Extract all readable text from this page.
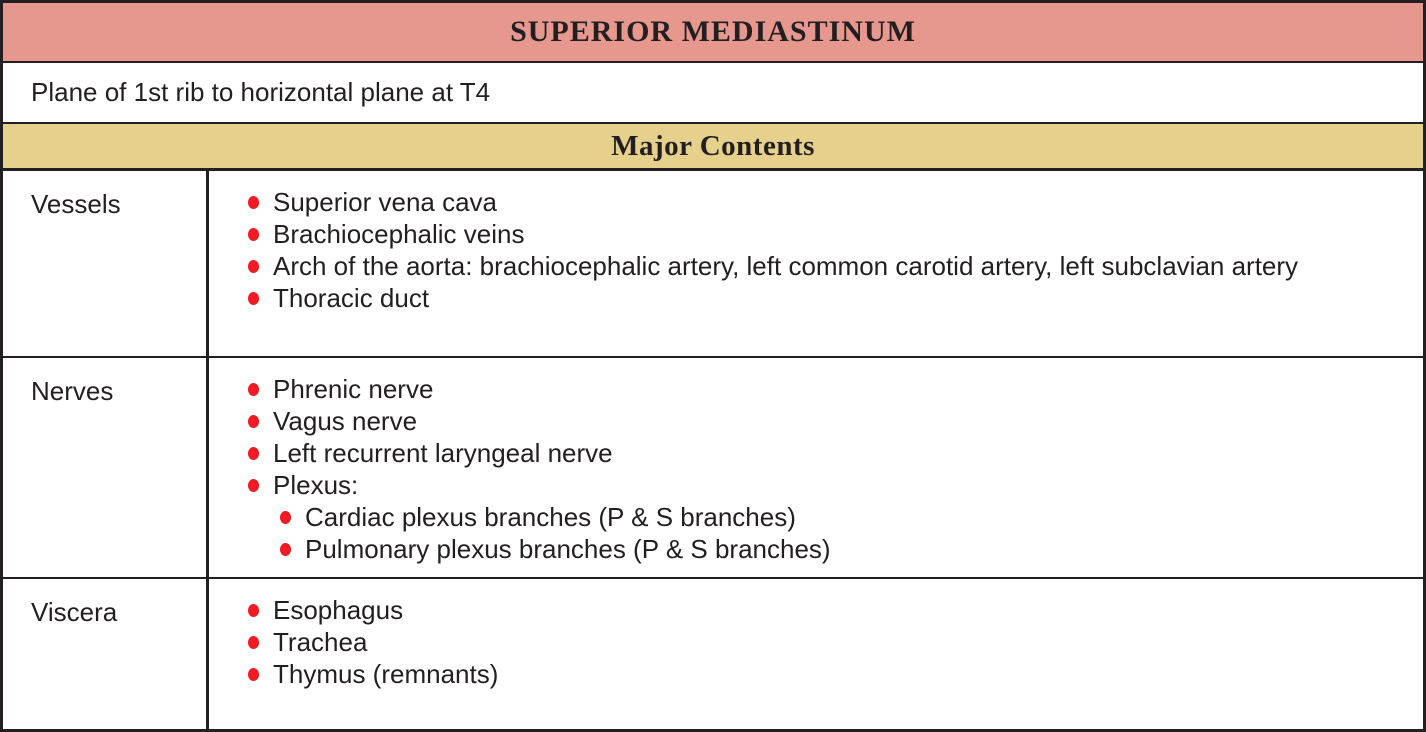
SUPERIOR MEDIASTINUM
Plane of 1st rib to horizontal plane at T4
Major Contents
Vessels	Superior vena cava
Brachiocephalic veins
Arch of the aorta: brachiocephalic artery, left common carotid artery, left subclavian artery
Thoracic duct
Nerves	Phrenic nerve
Vagus nerve
Left recurrent laryngeal nerve
Plexus:
Cardiac plexus branches (P & S branches)
Pulmonary plexus branches (P & S branches)
Viscera	Esophagus
Trachea
Thymus (remnants)
